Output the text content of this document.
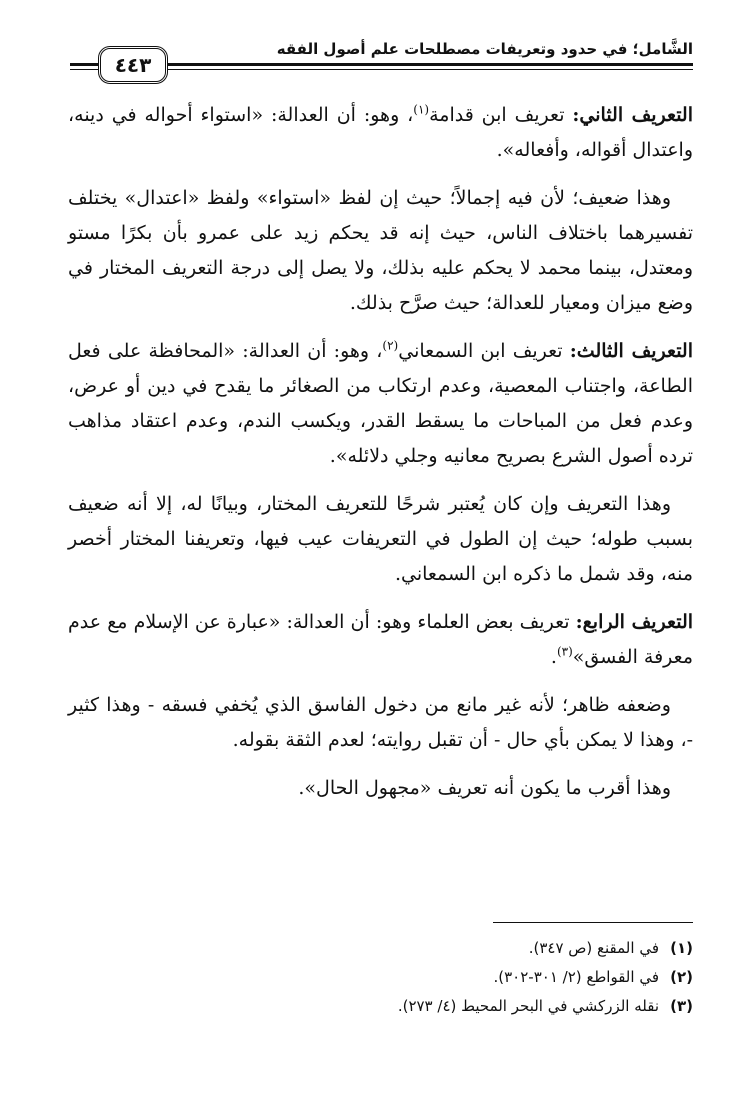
الشَّامل؛ في حدود وتعريفات مصطلحات علم أصول الفقه
٤٤٣

التعريف الثاني: تعريف ابن قدامة$^{(١)}$، وهو: أن العدالة: «استواء أحواله في دينه، واعتدال أقواله، وأفعاله».

وهذا ضعيف؛ لأن فيه إجمالاً؛ حيث إن لفظ «استواء» ولفظ «اعتدال» يختلف تفسيرهما باختلاف الناس، حيث إنه قد يحكم زيد على عمرو بأن بكرًا مستو ومعتدل، بينما محمد لا يحكم عليه بذلك، ولا يصل إلى درجة التعريف المختار في وضع ميزان ومعيار للعدالة؛ حيث صرَّح بذلك.

التعريف الثالث: تعريف ابن السمعاني$^{(٢)}$، وهو: أن العدالة: «المحافظة على فعل الطاعة، واجتناب المعصية، وعدم ارتكاب من الصغائر ما يقدح في دين أو عرض، وعدم فعل من المباحات ما يسقط القدر، ويكسب الندم، وعدم اعتقاد مذاهب ترده أصول الشرع بصريح معانيه وجلي دلائله».

وهذا التعريف وإن كان يُعتبر شرحًا للتعريف المختار، وبيانًا له، إلا أنه ضعيف بسبب طوله؛ حيث إن الطول في التعريفات عيب فيها، وتعريفنا المختار أخصر منه، وقد شمل ما ذكره ابن السمعاني.

التعريف الرابع: تعريف بعض العلماء وهو: أن العدالة: «عبارة عن الإسلام مع عدم معرفة الفسق»$^{(٣)}$.

وضعفه ظاهر؛ لأنه غير مانع من دخول الفاسق الذي يُخفي فسقه - وهذا كثير -، وهذا لا يمكن بأي حال - أن تقبل روايته؛ لعدم الثقة بقوله.

وهذا أقرب ما يكون أنه تعريف «مجهول الحال».

(١)
في المقنع (ص ٣٤٧).
(٢)
في القواطع (٢/ ٣٠١-٣٠٢).
(٣)
نقله الزركشي في البحر المحيط (٤/ ٢٧٣).
